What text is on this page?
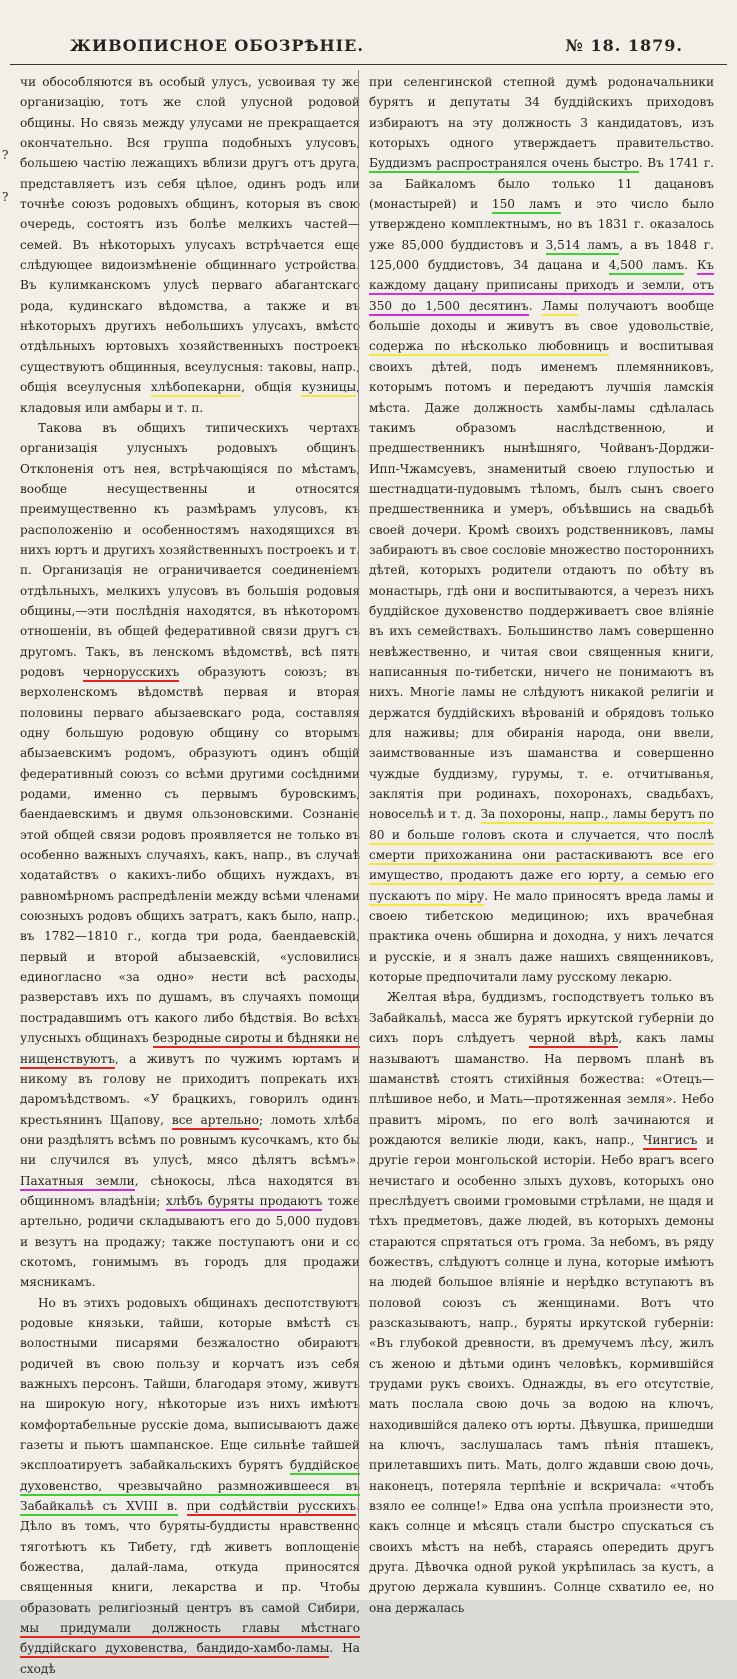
ЖИВОПИСНОЕ ОБОЗРѢНІЕ.	№ 18. 1879.
?
?

чи обособляются въ особый улусъ, усвоивая ту же организацію, тотъ же слой улусной родовой общины. Но связь между улусами не прекращается окончательно. Вся группа подобныхъ улусовъ, большею частію лежащихъ вблизи другъ отъ друга, представляетъ изъ себя цѣлое, одинъ родъ или точнѣе союзъ родовыхъ общинъ, которыя въ свою очередь, состоятъ изъ болѣе мелкихъ частей—семей. Въ нѣкоторыхъ улусахъ встрѣчается еще слѣдующее видоизмѣненіе общиннаго устройства. Въ кулимканскомъ улусѣ перваго абагантскаго рода, кудинскаго вѣдомства, а также и въ нѣкоторыхъ другихъ небольшихъ улусахъ, вмѣсто отдѣльныхъ юртовыхъ хозяйственныхъ построекъ существуютъ общинныя, всеулусныя: таковы, напр., общія всеулусныя хлѣбопекарни, общія кузницы, кладовыя или амбары и т. п.

Такова въ общихъ типическихъ чертахъ организація улусныхъ родовыхъ общинъ. Отклоненія отъ нея, встрѣчающіяся по мѣстамъ, вообще несущественны и относятся преимущественно къ размѣрамъ улусовъ, къ расположенію и особенностямъ находящихся въ нихъ юртъ и другихъ хозяйственныхъ построекъ и т. п. Организація не ограничивается соединеніемъ отдѣльныхъ, мелкихъ улусовъ въ большія родовыя общины,—эти послѣднія находятся, въ нѣкоторомъ отношеніи, въ общей федеративной связи другъ съ другомъ. Такъ, въ ленскомъ вѣдомствѣ, всѣ пять родовъ чернорусскихъ образуютъ союзъ; въ верхоленскомъ вѣдомствѣ первая и вторая половины перваго абызаевскаго рода, составляя одну большую родовую общину со вторымъ абызаевскимъ родомъ, образуютъ одинъ общій федеративный союзъ со всѣми другими сосѣдними родами, именно съ первымъ буровскимъ, баендаевскимъ и двумя ользоновскими. Сознаніе этой общей связи родовъ проявляется не только въ особенно важныхъ случаяхъ, какъ, напр., въ случаѣ ходатайствъ о какихъ-либо общихъ нуждахъ, въ равномѣрномъ распредѣленіи между всѣми членами союзныхъ родовъ общихъ затратъ, какъ было, напр., въ 1782—1810 г., когда три рода, баендаевскій, первый и второй абызаевскій, «условились единогласно «за одно» нести всѣ расходы, разверставъ ихъ по душамъ, въ случаяхъ помощи пострадавшимъ отъ какого либо бѣдствія. Во всѣхъ улусныхъ общинахъ безродные сироты и бѣдняки не нищенствуютъ, а живутъ по чужимъ юртамъ и никому въ голову не приходитъ попрекать ихъ даромъѣдствомъ. «У брацкихъ, говорилъ одинъ крестьянинъ Щапову, все артельно; ломоть хлѣба они раздѣлятъ всѣмъ по ровнымъ кусочкамъ, кто бы ни случился въ улусѣ, мясо дѣлятъ всѣмъ». Пахатныя земли, сѣнокосы, лѣса находятся въ общинномъ владѣніи; хлѣбъ буряты продаютъ тоже артельно, родичи складываютъ его до 5,000 пудовъ и везутъ на продажу; также поступаютъ они и со скотомъ, гонимымъ въ городъ для продажи мясникамъ.

Но въ этихъ родовыхъ общинахъ деспотствуютъ родовые князьки, тайши, которые вмѣстѣ съ волостными писарями безжалостно обираютъ родичей въ свою пользу и корчатъ изъ себя важныхъ персонъ. Тайши, благодаря этому, живутъ на широкую ногу, нѣкоторые изъ нихъ имѣютъ комфортабельные русскіе дома, выписываютъ даже газеты и пьютъ шампанское. Еще сильнѣе тайшей эксплоатируетъ забайкальскихъ бурятъ буддійское духовенство, чрезвычайно размножившееся въ Забайкальѣ съ XVIII в. при содѣйствіи русскихъ. Дѣло въ томъ, что буряты-буддисты нравственно тяготѣютъ къ Тибету, гдѣ живетъ воплощеніе божества, далай-лама, откуда приносятся священныя книги, лекарства и пр. Чтобы образовать религіозный центръ въ самой Сибири, мы придумали должность главы мѣстнаго буддійскаго духовенства, бандидо-хамбо-ламы. На сходѣ

при селенгинской степной думѣ родоначальники бурятъ и депутаты 34 буддійскихъ приходовъ избираютъ на эту должность 3 кандидатовъ, изъ которыхъ одного утверждаетъ правительство. Буддизмъ распространялся очень быстро. Въ 1741 г. за Байкаломъ было только 11 дацановъ (монастырей) и 150 ламъ и это число было утверждено комплектнымъ, но въ 1831 г. оказалось уже 85,000 буддистовъ и 3,514 ламъ, а въ 1848 г. 125,000 буддистовъ, 34 дацана и 4,500 ламъ. Къ каждому дацану приписаны приходъ и земли, отъ 350 до 1,500 десятинъ. Ламы получаютъ вообще большіе доходы и живутъ въ свое удовольствіе, содержа по нѣсколько любовницъ и воспитывая своихъ дѣтей, подъ именемъ племянниковъ, которымъ потомъ и передаютъ лучшія ламскія мѣста. Даже должность хамбы-ламы сдѣлалась такимъ образомъ наслѣдственною, и предшественникъ нынѣшняго, Чойванъ-Дорджи-Ипп-Чжамсуевъ, знаменитый своею глупостью и шестнадцати-пудовымъ тѣломъ, былъ сынъ своего предшественника и умеръ, объѣвшись на свадьбѣ своей дочери. Кромѣ своихъ родственниковъ, ламы забираютъ въ свое сословіе множество постороннихъ дѣтей, которыхъ родители отдаютъ по обѣту въ монастырь, гдѣ они и воспитываются, а черезъ нихъ буддійское духовенство поддерживаетъ свое вліяніе въ ихъ семействахъ. Большинство ламъ совершенно невѣжественно, и читая свои священныя книги, написанныя по-тибетски, ничего не понимаютъ въ нихъ. Многіе ламы не слѣдуютъ никакой религіи и держатся буддійскихъ вѣрованій и обрядовъ только для наживы; для обиранія народа, они ввели, заимствованные изъ шаманства и совершенно чуждые буддизму, гурумы, т. е. отчитыванья, заклятія при родинахъ, похоронахъ, свадьбахъ, новосельѣ и т. д. За похороны, напр., ламы берутъ по 80 и больше головъ скота и случается, что послѣ смерти прихожанина они растаскиваютъ все его имущество, продаютъ даже его юрту, а семью его пускаютъ по міру. Не мало приносятъ вреда ламы и своею тибетскою медициною; ихъ врачебная практика очень обширна и доходна, у нихъ лечатся и русскіе, и я зналъ даже нашихъ священниковъ, которые предпочитали ламу русскому лекарю.

Желтая вѣра, буддизмъ, господствуетъ только въ Забайкальѣ, масса же бурятъ иркутской губерніи до сихъ поръ слѣдуетъ черной вѣрѣ, какъ ламы называютъ шаманство. На первомъ планѣ въ шаманствѣ стоятъ стихійныя божества: «Отецъ—плѣшивое небо, и Мать—протяженная земля». Небо правитъ міромъ, по его волѣ зачинаются и рождаются великіе люди, какъ, напр., Чингисъ и другіе герои монгольской исторіи. Небо врагъ всего нечистаго и особенно злыхъ духовъ, которыхъ оно преслѣдуетъ своими громовыми стрѣлами, не щадя и тѣхъ предметовъ, даже людей, въ которыхъ демоны стараются спрятаться отъ грома. За небомъ, въ ряду божествъ, слѣдуютъ солнце и луна, которые имѣютъ на людей большое вліяніе и нерѣдко вступаютъ въ половой союзъ съ женщинами. Вотъ что разсказываютъ, напр., буряты иркутской губерніи: «Въ глубокой древности, въ дремучемъ лѣсу, жилъ съ женою и дѣтьми одинъ человѣкъ, кормившійся трудами рукъ своихъ. Однажды, въ его отсутствіе, мать послала свою дочь за водою на ключъ, находившійся далеко отъ юрты. Дѣвушка, пришедши на ключъ, заслушалась тамъ пѣнія пташекъ, прилетавшихъ пить. Мать, долго ждавши свою дочь, наконецъ, потеряла терпѣніе и вскричала: «чтобъ взяло ее солнце!» Едва она успѣла произнести это, какъ солнце и мѣсяцъ стали быстро спускаться съ своихъ мѣстъ на небѣ, стараясь опередить другъ друга. Дѣвочка одной рукой укрѣпилась за кустъ, а другою держала кувшинъ. Солнце схватило ее, но она держалась
